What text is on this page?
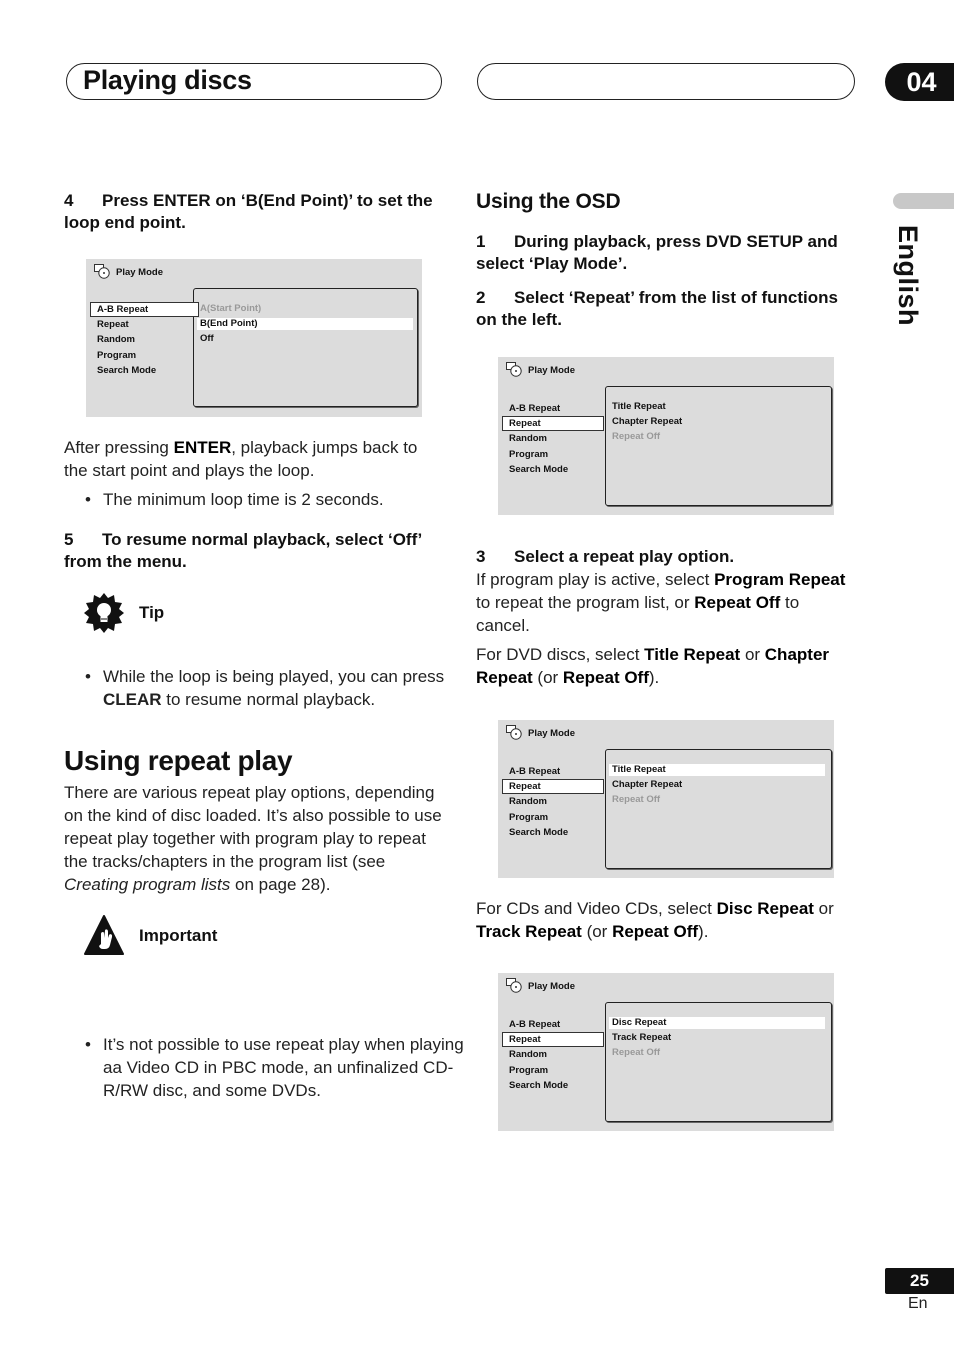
Playing discs	04
English
4 Press ENTER on ‘B(End Point)’ to set the loop end point.
Play Mode
A(Start Point)
B(End Point)
Off
A-B Repeat
Repeat
Random
Program
Search Mode
After pressing ENTER, playback jumps back to the start point and plays the loop.
• The minimum loop time is 2 seconds.
5 To resume normal playback, select ‘Off’ from the menu.
Tip
• While the loop is being played, you can press CLEAR to resume normal playback.
Using repeat play
There are various repeat play options, depending on the kind of disc loaded. It’s also possible to use repeat play together with program play to repeat the tracks/chapters in the program list (see Creating program lists on page 28).
Important
• It’s not possible to use repeat play when playing aa Video CD in PBC mode, an unfinalized CD-R/RW disc, and some DVDs.
Using the OSD
1 During playback, press DVD SETUP and select ‘Play Mode’.
2 Select ‘Repeat’ from the list of functions on the left.
Play Mode
A-B Repeat
Repeat
Random
Program
Search Mode
Title Repeat
Chapter Repeat
Repeat Off
3 Select a repeat play option.
If program play is active, select Program Repeat to repeat the program list, or Repeat Off to cancel.
For DVD discs, select Title Repeat or Chapter Repeat (or Repeat Off).
Play Mode
A-B Repeat
Repeat
Random
Program
Search Mode
Title Repeat
Chapter Repeat
Repeat Off
For CDs and Video CDs, select Disc Repeat or Track Repeat (or Repeat Off).
Play Mode
A-B Repeat
Repeat
Random
Program
Search Mode
Disc Repeat
Track Repeat
Repeat Off
25
En
